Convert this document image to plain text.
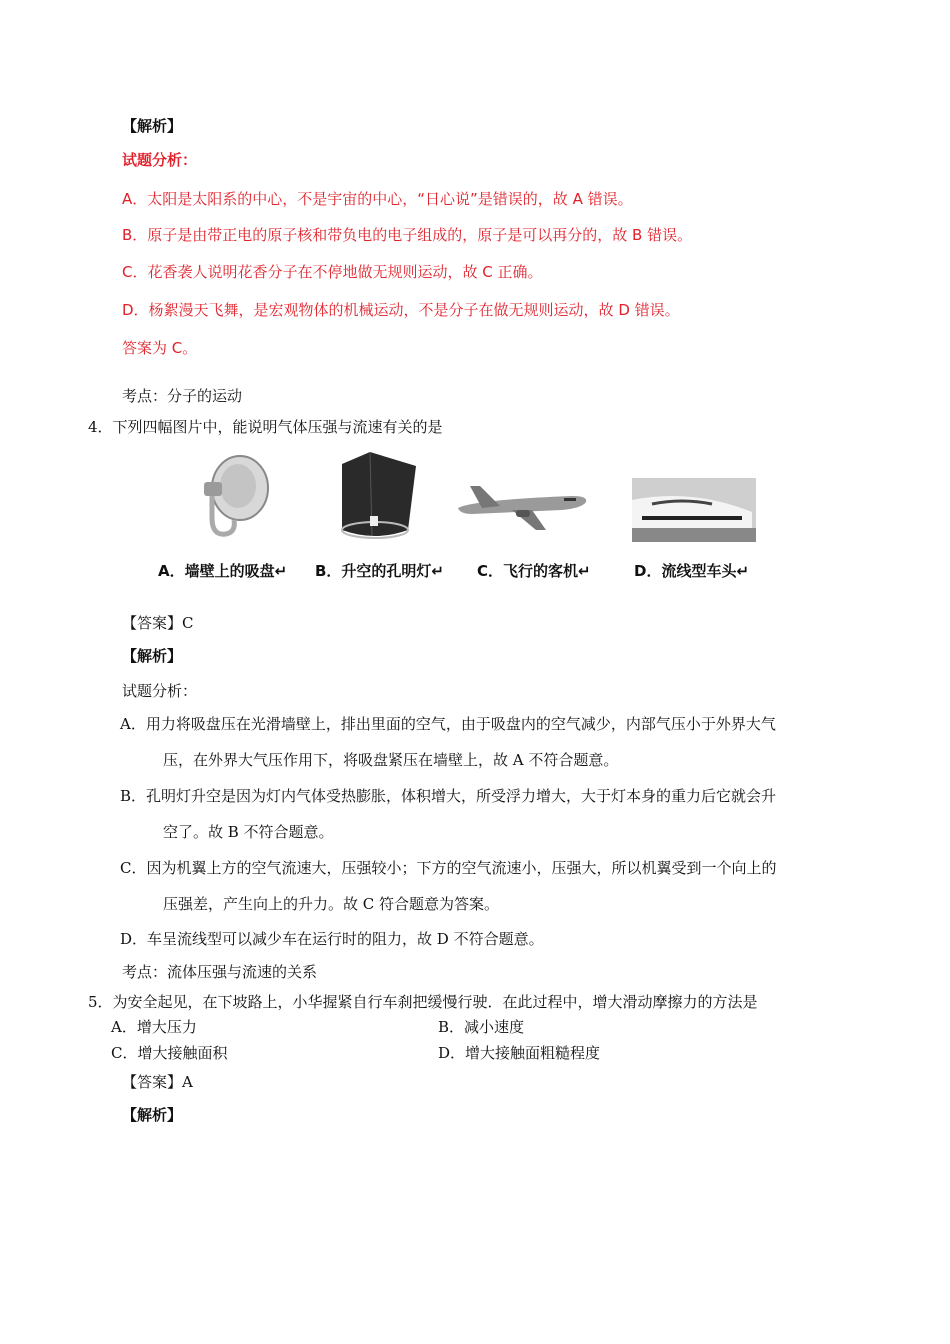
【解析】
试题分析：
A．太阳是太阳系的中心，不是宇宙的中心，“日心说”是错误的，故 A 错误。
B．原子是由带正电的原子核和带负电的电子组成的，原子是可以再分的，故 B 错误。
C．花香袭人说明花香分子在不停地做无规则运动，故 C 正确。
D．杨絮漫天飞舞，是宏观物体的机械运动，不是分子在做无规则运动，故 D 错误。
答案为 C。
考点：分子的运动
4．下列四幅图片中，能说明气体压强与流速有关的是
A．墙壁上的吸盘↵ B．升空的孔明灯↵ C．飞行的客机↵	D．流线型车头↵
【答案】C
【解析】
试题分析：
A．用力将吸盘压在光滑墙壁上，排出里面的空气，由于吸盘内的空气减少，内部气压小于外界大气
压，在外界大气压作用下，将吸盘紧压在墙壁上，故 A 不符合题意。
B．孔明灯升空是因为灯内气体受热膨胀，体积增大，所受浮力增大，大于灯本身的重力后它就会升
空了。故 B 不符合题意。
C．因为机翼上方的空气流速大，压强较小；下方的空气流速小，压强大，所以机翼受到一个向上的
压强差，产生向上的升力。故 C 符合题意为答案。
D．车呈流线型可以减少车在运行时的阻力，故 D 不符合题意。
考点：流体压强与流速的关系
5．为安全起见，在下坡路上，小华握紧自行车刹把缓慢行驶．在此过程中，增大滑动摩擦力的方法是
A．增大压力	B．减小速度
C．增大接触面积	D．增大接触面粗糙程度
【答案】A
【解析】
